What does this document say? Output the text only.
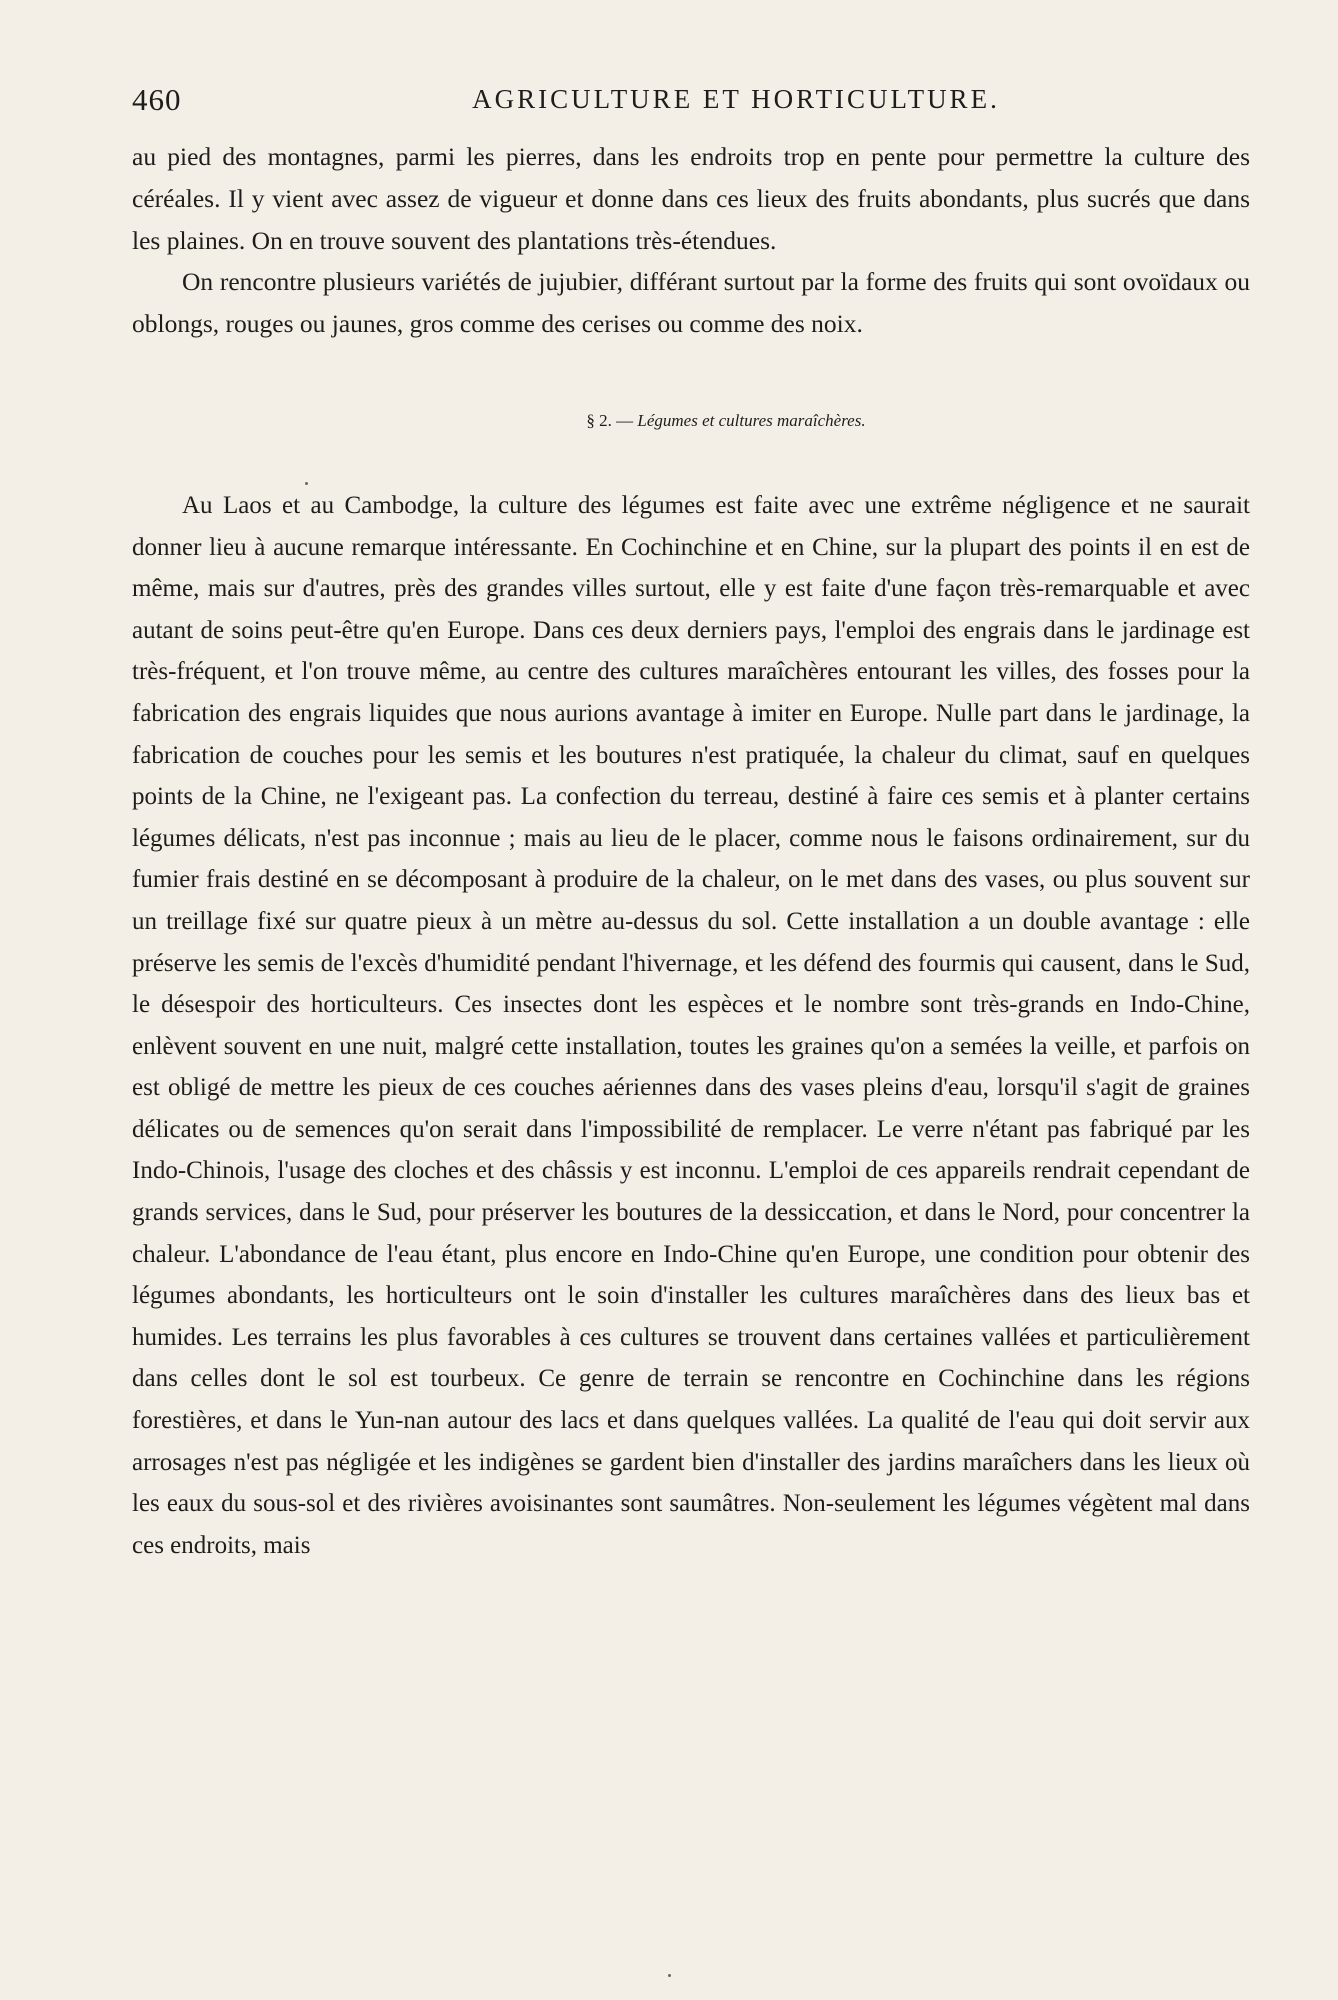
460	AGRICULTURE ET HORTICULTURE.

au pied des montagnes, parmi les pierres, dans les endroits trop en pente pour permettre la culture des céréales. Il y vient avec assez de vigueur et donne dans ces lieux des fruits abondants, plus sucrés que dans les plaines. On en trouve souvent des plantations très-étendues.

On rencontre plusieurs variétés de jujubier, différant surtout par la forme des fruits qui sont ovoïdaux ou oblongs, rouges ou jaunes, gros comme des cerises ou comme des noix.

§ 2. — Légumes et cultures maraîchères.

Au Laos et au Cambodge, la culture des légumes est faite avec une extrême négligence et ne saurait donner lieu à aucune remarque intéressante. En Cochinchine et en Chine, sur la plupart des points il en est de même, mais sur d'autres, près des grandes villes surtout, elle y est faite d'une façon très-remarquable et avec autant de soins peut-être qu'en Europe. Dans ces deux derniers pays, l'emploi des engrais dans le jardinage est très-fréquent, et l'on trouve même, au centre des cultures maraîchères entourant les villes, des fosses pour la fabrication des engrais liquides que nous aurions avantage à imiter en Europe. Nulle part dans le jardinage, la fabrication de couches pour les semis et les boutures n'est pratiquée, la chaleur du climat, sauf en quelques points de la Chine, ne l'exigeant pas. La confection du terreau, destiné à faire ces semis et à planter certains légumes délicats, n'est pas inconnue ; mais au lieu de le placer, comme nous le faisons ordinairement, sur du fumier frais destiné en se décomposant à produire de la chaleur, on le met dans des vases, ou plus souvent sur un treillage fixé sur quatre pieux à un mètre au-dessus du sol. Cette installation a un double avantage : elle préserve les semis de l'excès d'humidité pendant l'hivernage, et les défend des fourmis qui causent, dans le Sud, le désespoir des horticulteurs. Ces insectes dont les espèces et le nombre sont très-grands en Indo-Chine, enlèvent souvent en une nuit, malgré cette installation, toutes les graines qu'on a semées la veille, et parfois on est obligé de mettre les pieux de ces couches aériennes dans des vases pleins d'eau, lorsqu'il s'agit de graines délicates ou de semences qu'on serait dans l'impossibilité de remplacer. Le verre n'étant pas fabriqué par les Indo-Chinois, l'usage des cloches et des châssis y est inconnu. L'emploi de ces appareils rendrait cependant de grands services, dans le Sud, pour préserver les boutures de la dessiccation, et dans le Nord, pour concentrer la chaleur. L'abondance de l'eau étant, plus encore en Indo-Chine qu'en Europe, une condition pour obtenir des légumes abondants, les horticulteurs ont le soin d'installer les cultures maraîchères dans des lieux bas et humides. Les terrains les plus favorables à ces cultures se trouvent dans certaines vallées et particulièrement dans celles dont le sol est tourbeux. Ce genre de terrain se rencontre en Cochinchine dans les régions forestières, et dans le Yun-nan autour des lacs et dans quelques vallées. La qualité de l'eau qui doit servir aux arrosages n'est pas négligée et les indigènes se gardent bien d'installer des jardins maraîchers dans les lieux où les eaux du sous-sol et des rivières avoisinantes sont saumâtres. Non-seulement les légumes végètent mal dans ces endroits, mais
